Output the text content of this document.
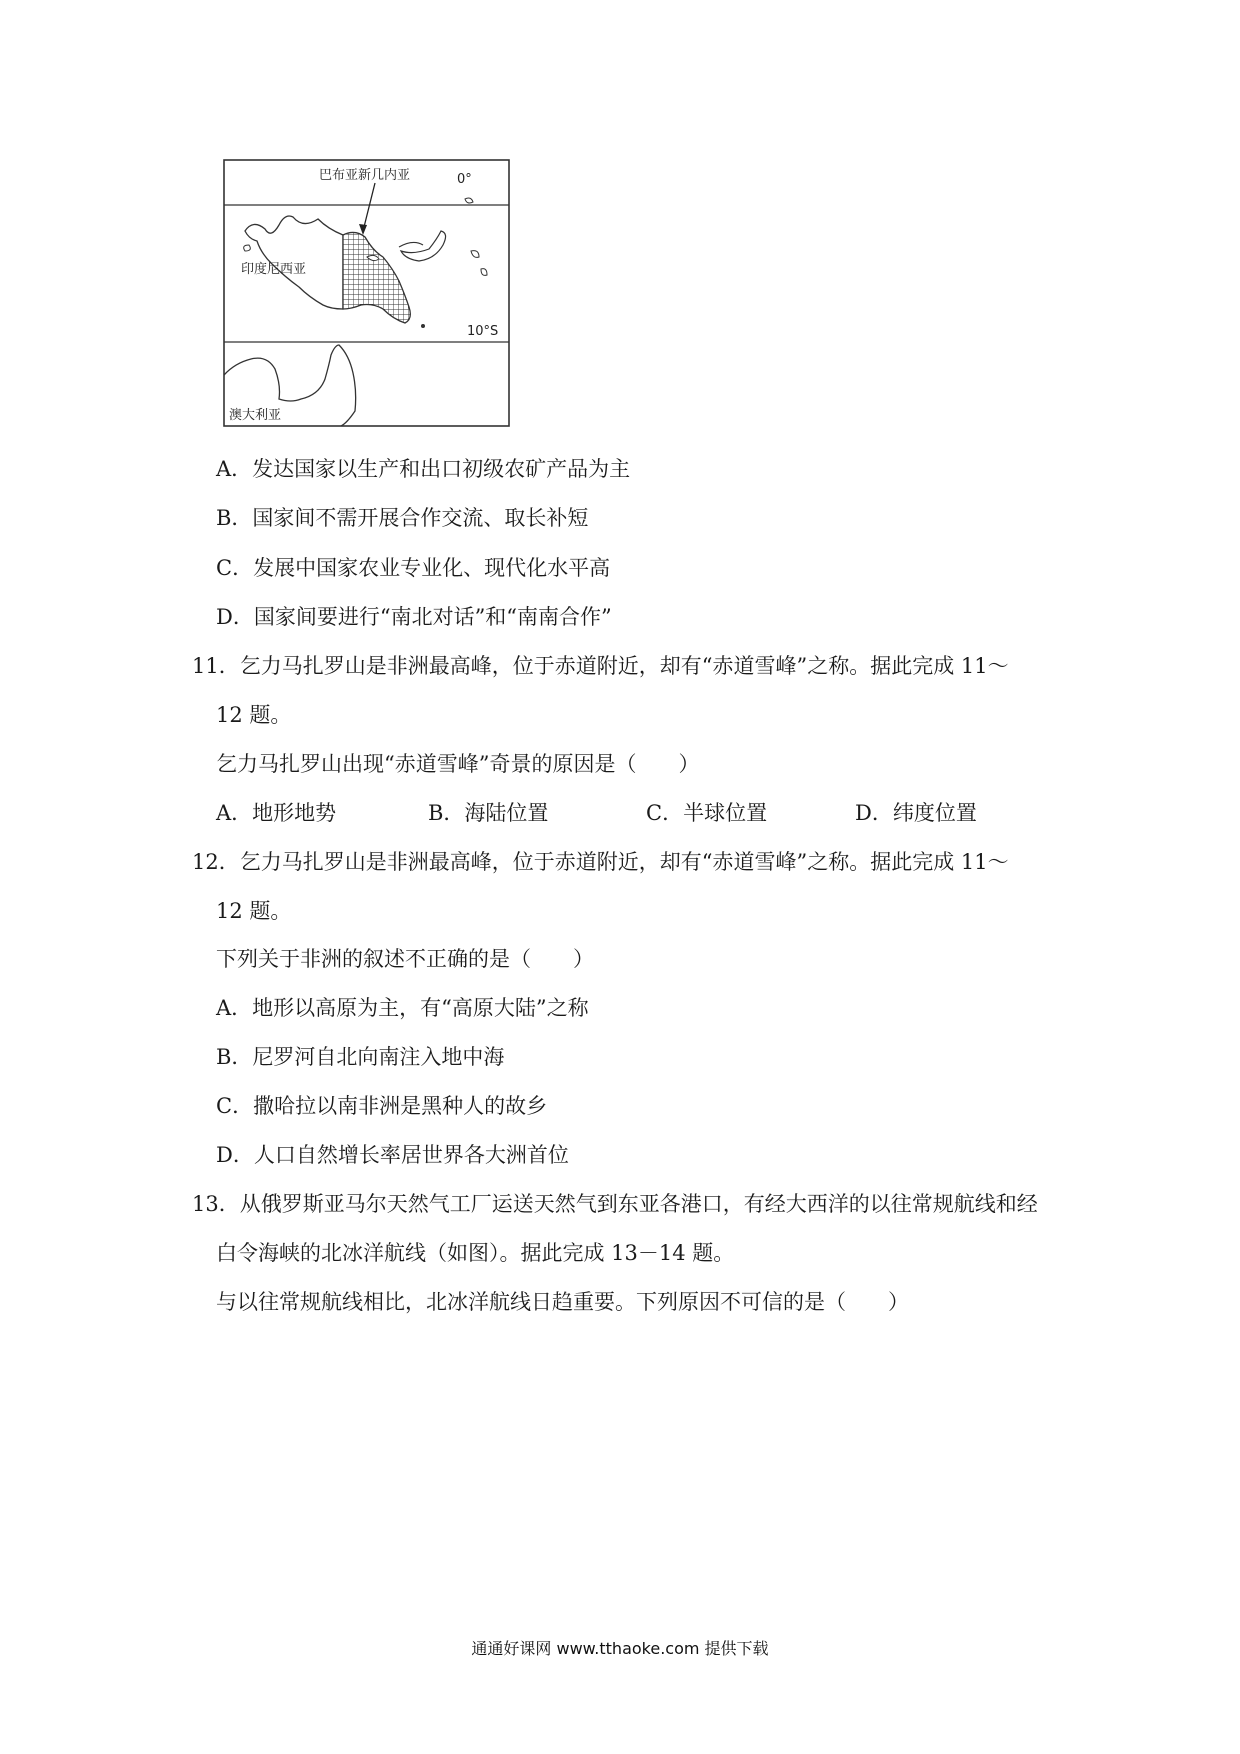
巴布亚新几内亚	0°
印度尼西亚
10°S
澳大利亚
A．发达国家以生产和出口初级农矿产品为主
B．国家间不需开展合作交流、取长补短
C．发展中国家农业专业化、现代化水平高
D．国家间要进行“南北对话”和“南南合作”
11．乞力马扎罗山是非洲最高峰，位于赤道附近，却有“赤道雪峰”之称。据此完成 11～
12 题。
乞力马扎罗山出现“赤道雪峰”奇景的原因是（　　）
A．地形地势	B．海陆位置	C．半球位置	D．纬度位置
12．乞力马扎罗山是非洲最高峰，位于赤道附近，却有“赤道雪峰”之称。据此完成 11～
12 题。
下列关于非洲的叙述不正确的是（　　）
A．地形以高原为主，有“高原大陆”之称
B．尼罗河自北向南注入地中海
C．撒哈拉以南非洲是黑种人的故乡
D．人口自然增长率居世界各大洲首位
13．从俄罗斯亚马尔天然气工厂运送天然气到东亚各港口，有经大西洋的以往常规航线和经
白令海峡的北冰洋航线（如图）。据此完成 13－14 题。
与以往常规航线相比，北冰洋航线日趋重要。下列原因不可信的是（　　）
通通好课网 www.tthaoke.com 提供下载
